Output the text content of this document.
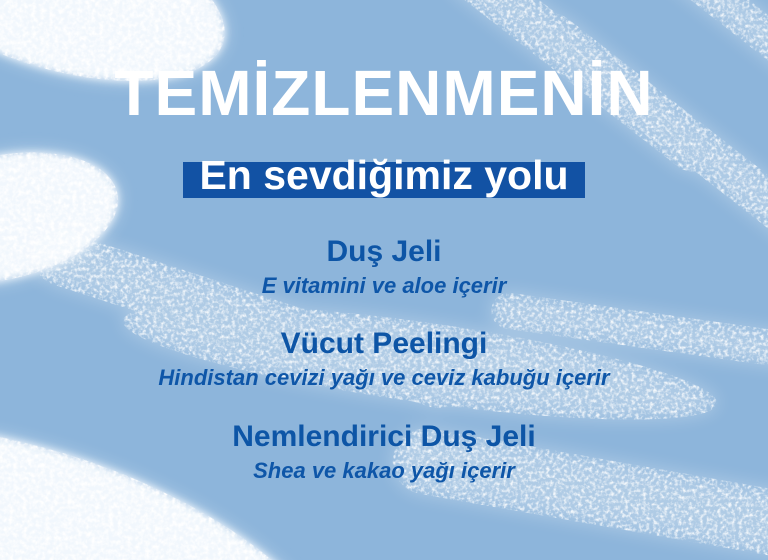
TEMİZLENMENİN
En sevdiğimiz yolu
Duş Jeli

E vitamini ve aloe içerir

Vücut Peelingi

Hindistan cevizi yağı ve ceviz kabuğu içerir

Nemlendirici Duş Jeli

Shea ve kakao yağı içerir
